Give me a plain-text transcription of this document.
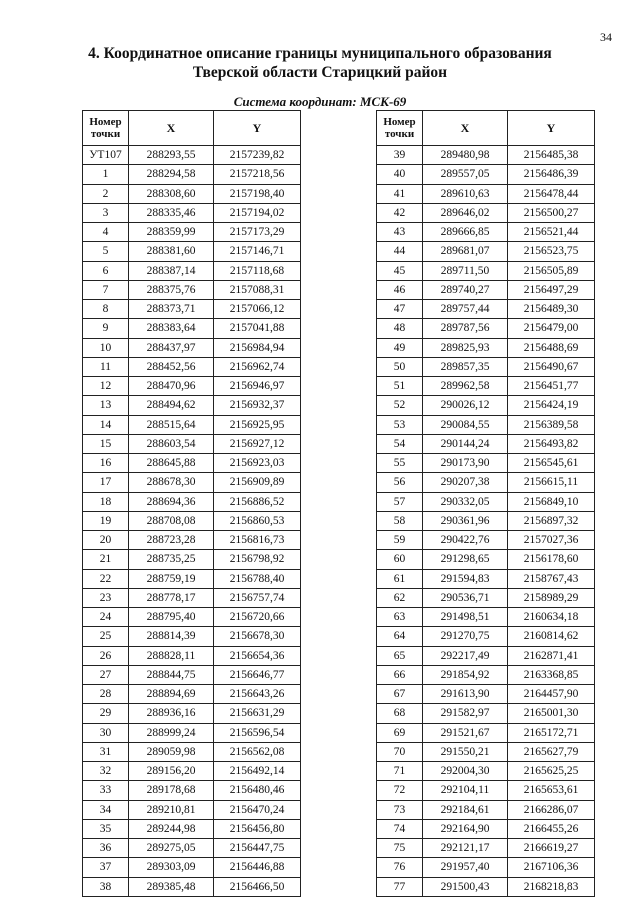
34
4. Координатное описание границы муниципального образования
Тверской области Старицкий район
Система координат: МСК-69
Номер
точки	X	Y
УТ107	288293,55	2157239,82
1	288294,58	2157218,56
2	288308,60	2157198,40
3	288335,46	2157194,02
4	288359,99	2157173,29
5	288381,60	2157146,71
6	288387,14	2157118,68
7	288375,76	2157088,31
8	288373,71	2157066,12
9	288383,64	2157041,88
10	288437,97	2156984,94
11	288452,56	2156962,74
12	288470,96	2156946,97
13	288494,62	2156932,37
14	288515,64	2156925,95
15	288603,54	2156927,12
16	288645,88	2156923,03
17	288678,30	2156909,89
18	288694,36	2156886,52
19	288708,08	2156860,53
20	288723,28	2156816,73
21	288735,25	2156798,92
22	288759,19	2156788,40
23	288778,17	2156757,74
24	288795,40	2156720,66
25	288814,39	2156678,30
26	288828,11	2156654,36
27	288844,75	2156646,77
28	288894,69	2156643,26
29	288936,16	2156631,29
30	288999,24	2156596,54
31	289059,98	2156562,08
32	289156,20	2156492,14
33	289178,68	2156480,46
34	289210,81	2156470,24
35	289244,98	2156456,80
36	289275,05	2156447,75
37	289303,09	2156446,88
38	289385,48	2156466,50
Номер
точки	X	Y
39	289480,98	2156485,38
40	289557,05	2156486,39
41	289610,63	2156478,44
42	289646,02	2156500,27
43	289666,85	2156521,44
44	289681,07	2156523,75
45	289711,50	2156505,89
46	289740,27	2156497,29
47	289757,44	2156489,30
48	289787,56	2156479,00
49	289825,93	2156488,69
50	289857,35	2156490,67
51	289962,58	2156451,77
52	290026,12	2156424,19
53	290084,55	2156389,58
54	290144,24	2156493,82
55	290173,90	2156545,61
56	290207,38	2156615,11
57	290332,05	2156849,10
58	290361,96	2156897,32
59	290422,76	2157027,36
60	291298,65	2156178,60
61	291594,83	2158767,43
62	290536,71	2158989,29
63	291498,51	2160634,18
64	291270,75	2160814,62
65	292217,49	2162871,41
66	291854,92	2163368,85
67	291613,90	2164457,90
68	291582,97	2165001,30
69	291521,67	2165172,71
70	291550,21	2165627,79
71	292004,30	2165625,25
72	292104,11	2165653,61
73	292184,61	2166286,07
74	292164,90	2166455,26
75	292121,17	2166619,27
76	291957,40	2167106,36
77	291500,43	2168218,83
